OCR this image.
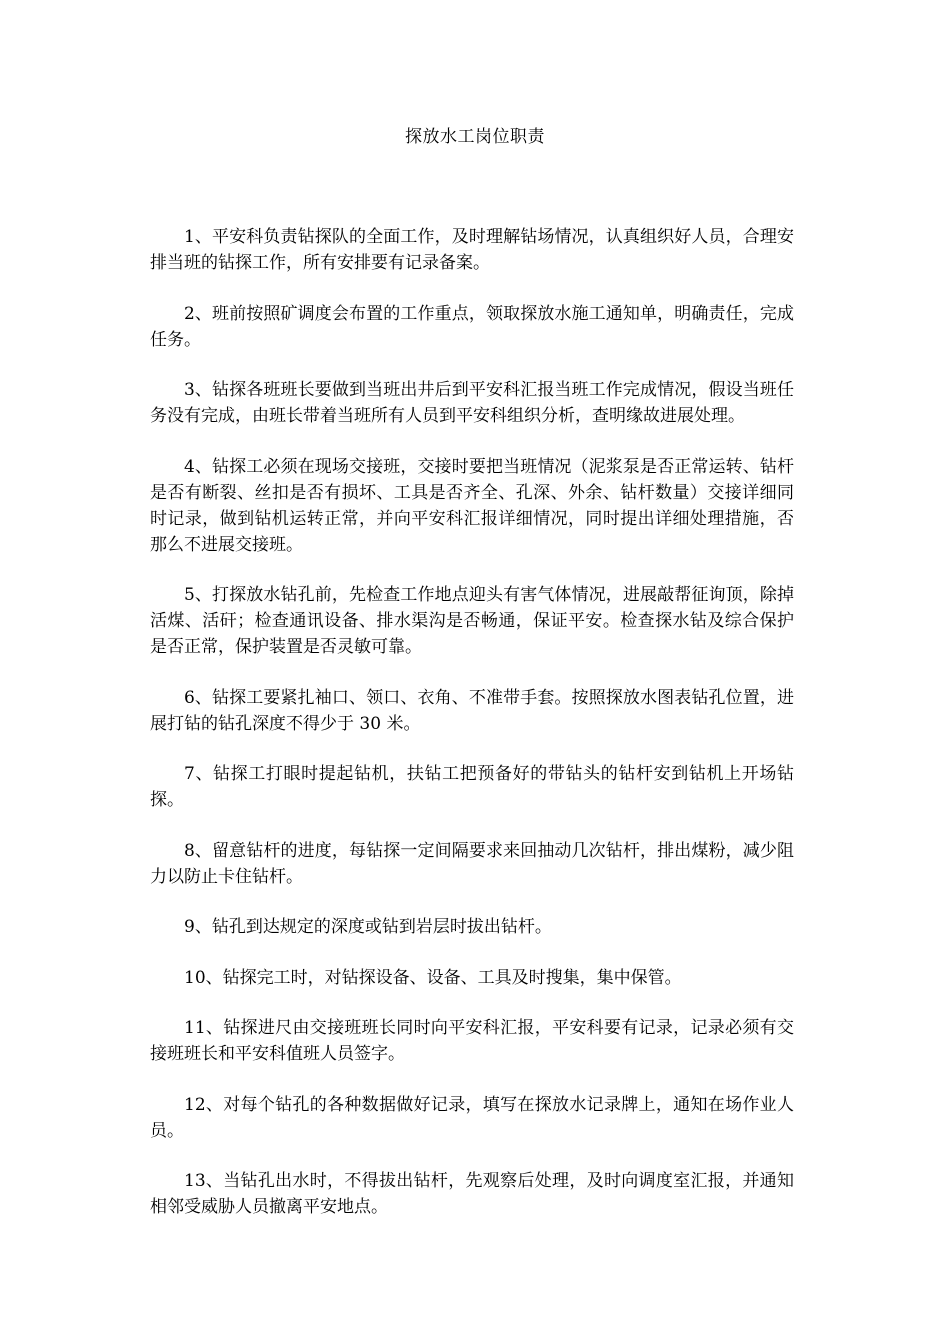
探放水工岗位职责

1、平安科负责钻探队的全面工作，及时理解钻场情况，认真组织好人员，合理安排当班的钻探工作，所有安排要有记录备案。

2、班前按照矿调度会布置的工作重点，领取探放水施工通知单，明确责任，完成任务。

3、钻探各班班长要做到当班出井后到平安科汇报当班工作完成情况，假设当班任务没有完成，由班长带着当班所有人员到平安科组织分析，查明缘故进展处理。

4、钻探工必须在现场交接班，交接时要把当班情况（泥浆泵是否正常运转、钻杆是否有断裂、丝扣是否有损坏、工具是否齐全、孔深、外余、钻杆数量）交接详细同时记录，做到钻机运转正常，并向平安科汇报详细情况，同时提出详细处理措施，否那么不进展交接班。

5、打探放水钻孔前，先检查工作地点迎头有害气体情况，进展敲帮征询顶，除掉活煤、活矸；检查通讯设备、排水渠沟是否畅通，保证平安。检查探水钻及综合保护是否正常，保护装置是否灵敏可靠。

6、钻探工要紧扎袖口、领口、衣角、不准带手套。按照探放水图表钻孔位置，进展打钻的钻孔深度不得少于 30 米。

7、钻探工打眼时提起钻机，扶钻工把预备好的带钻头的钻杆安到钻机上开场钻探。

8、留意钻杆的进度，每钻探一定间隔要求来回抽动几次钻杆，排出煤粉，减少阻力以防止卡住钻杆。

9、钻孔到达规定的深度或钻到岩层时拔出钻杆。

10、钻探完工时，对钻探设备、设备、工具及时搜集，集中保管。

11、钻探进尺由交接班班长同时向平安科汇报，平安科要有记录，记录必须有交接班班长和平安科值班人员签字。

12、对每个钻孔的各种数据做好记录，填写在探放水记录牌上，通知在场作业人员。

13、当钻孔出水时，不得拔出钻杆，先观察后处理，及时向调度室汇报，并通知相邻受威胁人员撤离平安地点。
